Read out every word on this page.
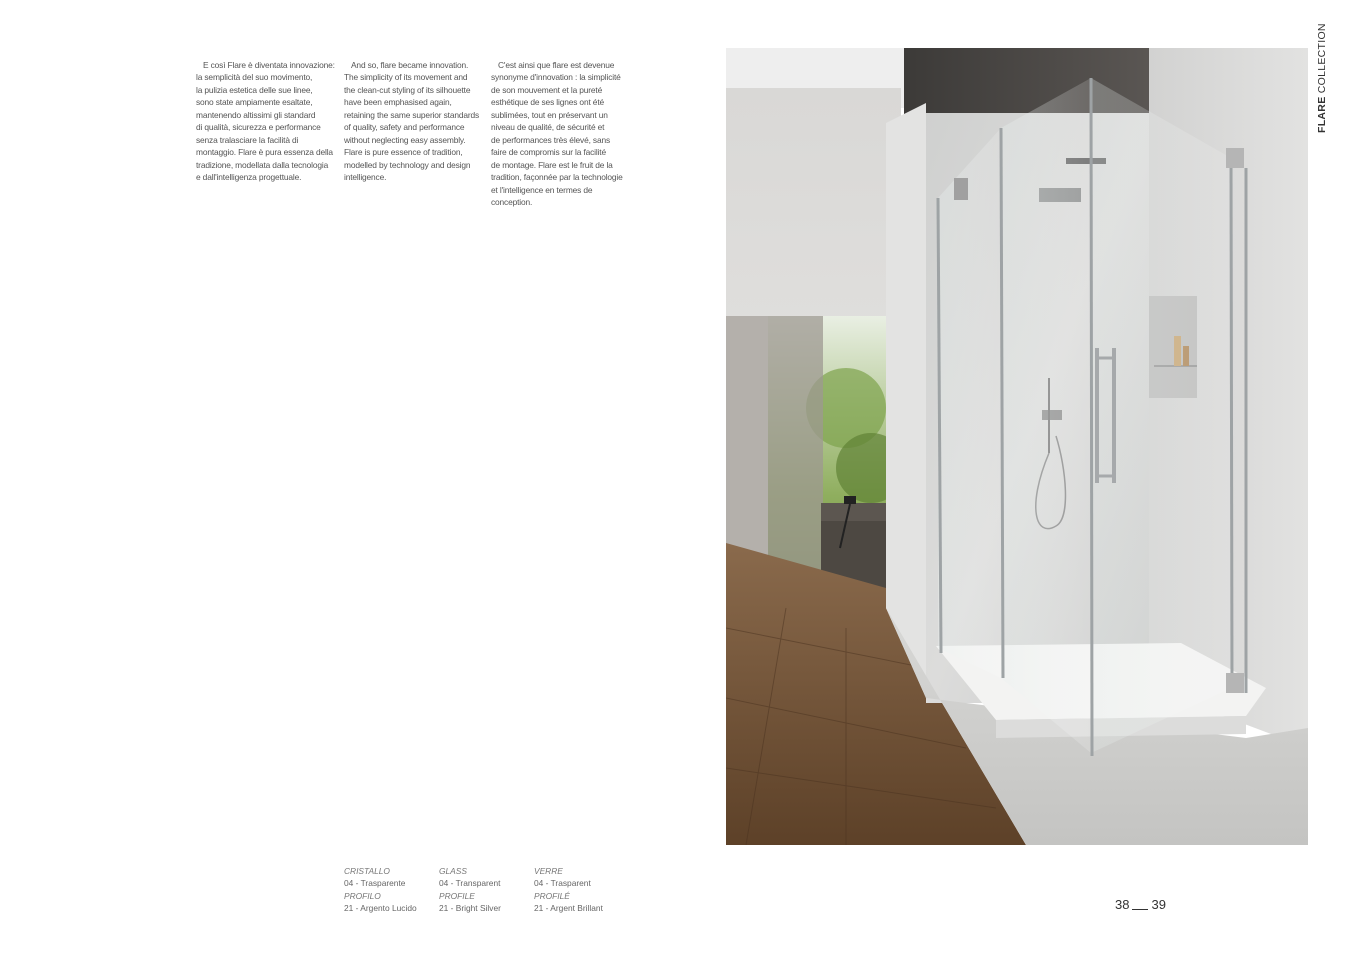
E così Flare è diventata innovazione:
la semplicità del suo movimento,
la pulizia estetica delle sue linee,
sono state ampiamente esaltate,
mantenendo altissimi gli standard
di qualità, sicurezza e performance
senza tralasciare la facilità di
montaggio. Flare è pura essenza della
tradizione, modellata dalla tecnologia
e dall'intelligenza progettuale.

And so, flare became innovation.
The simplicity of its movement and
the clean-cut styling of its silhouette
have been emphasised again,
retaining the same superior standards
of quality, safety and performance
without neglecting easy assembly.
Flare is pure essence of tradition,
modelled by technology and design
intelligence.

C'est ainsi que flare est devenue
synonyme d'innovation : la simplicité
de son mouvement et la pureté
esthétique de ses lignes ont été
sublimées, tout en préservant un
niveau de qualité, de sécurité et
de performances très élevé, sans
faire de compromis sur la facilité
de montage. Flare est le fruit de la
tradition, façonnée par la technologie
et l'intelligence en termes de
conception.

CRISTALLO
04 - Trasparente
PROFILO
21 - Argento Lucido
GLASS
04 - Transparent
PROFILE
21 - Bright Silver
VERRE
04 - Trasparent
PROFILÉ
21 - Argent Brillant	38 39
FLARE COLLECTION
